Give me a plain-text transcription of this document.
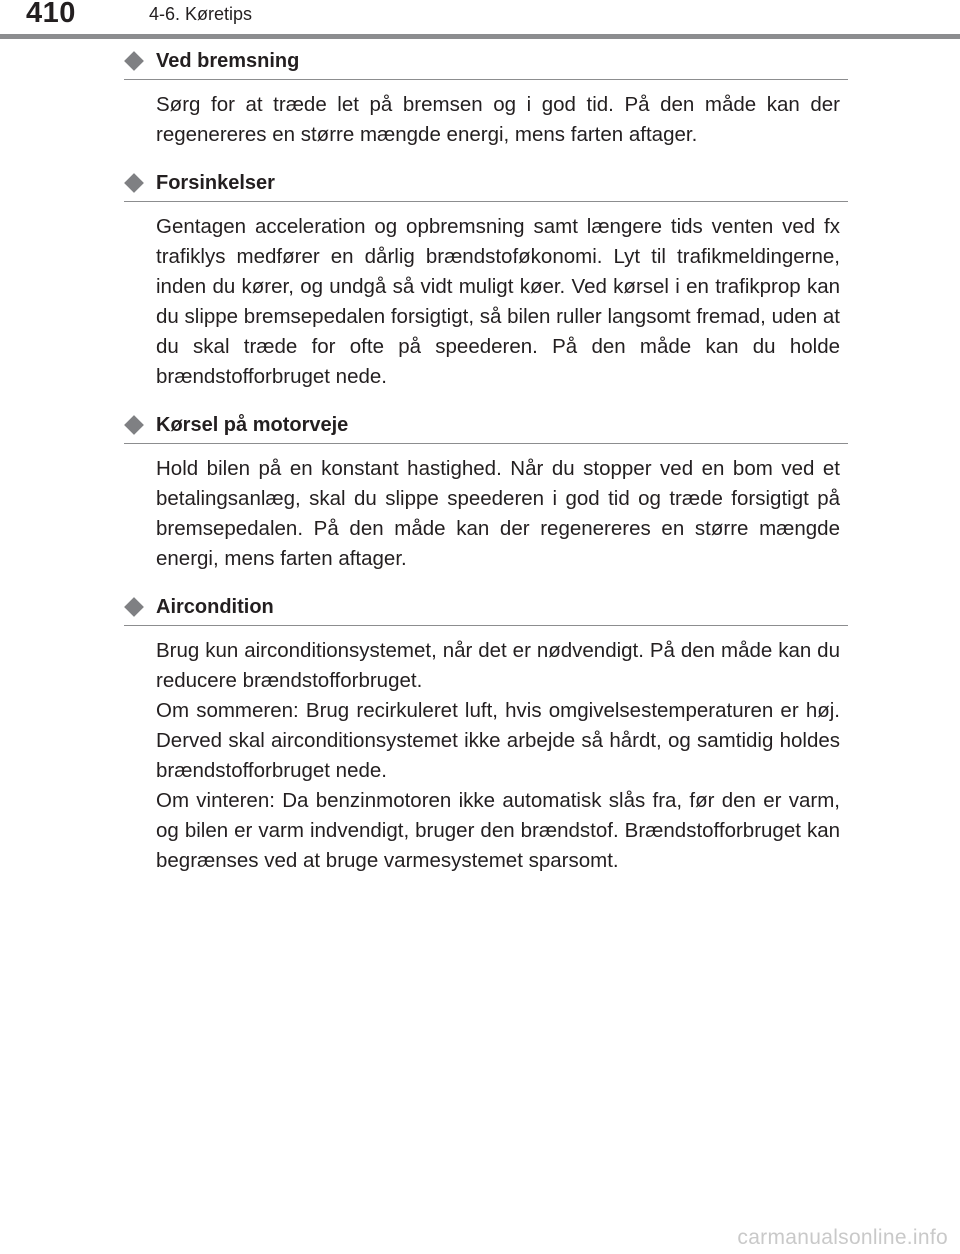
410	4-6. Køretips
Ved bremsning

Sørg for at træde let på bremsen og i god tid. På den måde kan der regenereres en større mængde energi, mens farten aftager.

Forsinkelser

Gentagen acceleration og opbremsning samt længere tids venten ved fx trafiklys medfører en dårlig brændstoføkonomi. Lyt til trafikmeldingerne, inden du kører, og undgå så vidt muligt køer. Ved kørsel i en trafikprop kan du slippe bremsepedalen forsigtigt, så bilen ruller langsomt fremad, uden at du skal træde for ofte på speederen. På den måde kan du holde brændstofforbruget nede.

Kørsel på motorveje

Hold bilen på en konstant hastighed. Når du stopper ved en bom ved et betalingsanlæg, skal du slippe speederen i god tid og træde forsigtigt på bremsepedalen. På den måde kan der regenereres en større mængde energi, mens farten aftager.

Aircondition

Brug kun airconditionsystemet, når det er nødvendigt. På den måde kan du reducere brændstofforbruget.

Om sommeren: Brug recirkuleret luft, hvis omgivelsestemperaturen er høj. Derved skal airconditionsystemet ikke arbejde så hårdt, og samtidig holdes brændstofforbruget nede.

Om vinteren: Da benzinmotoren ikke automatisk slås fra, før den er varm, og bilen er varm indvendigt, bruger den brændstof. Brændstofforbruget kan begrænses ved at bruge varmesystemet sparsomt.

carmanualsonline.info
